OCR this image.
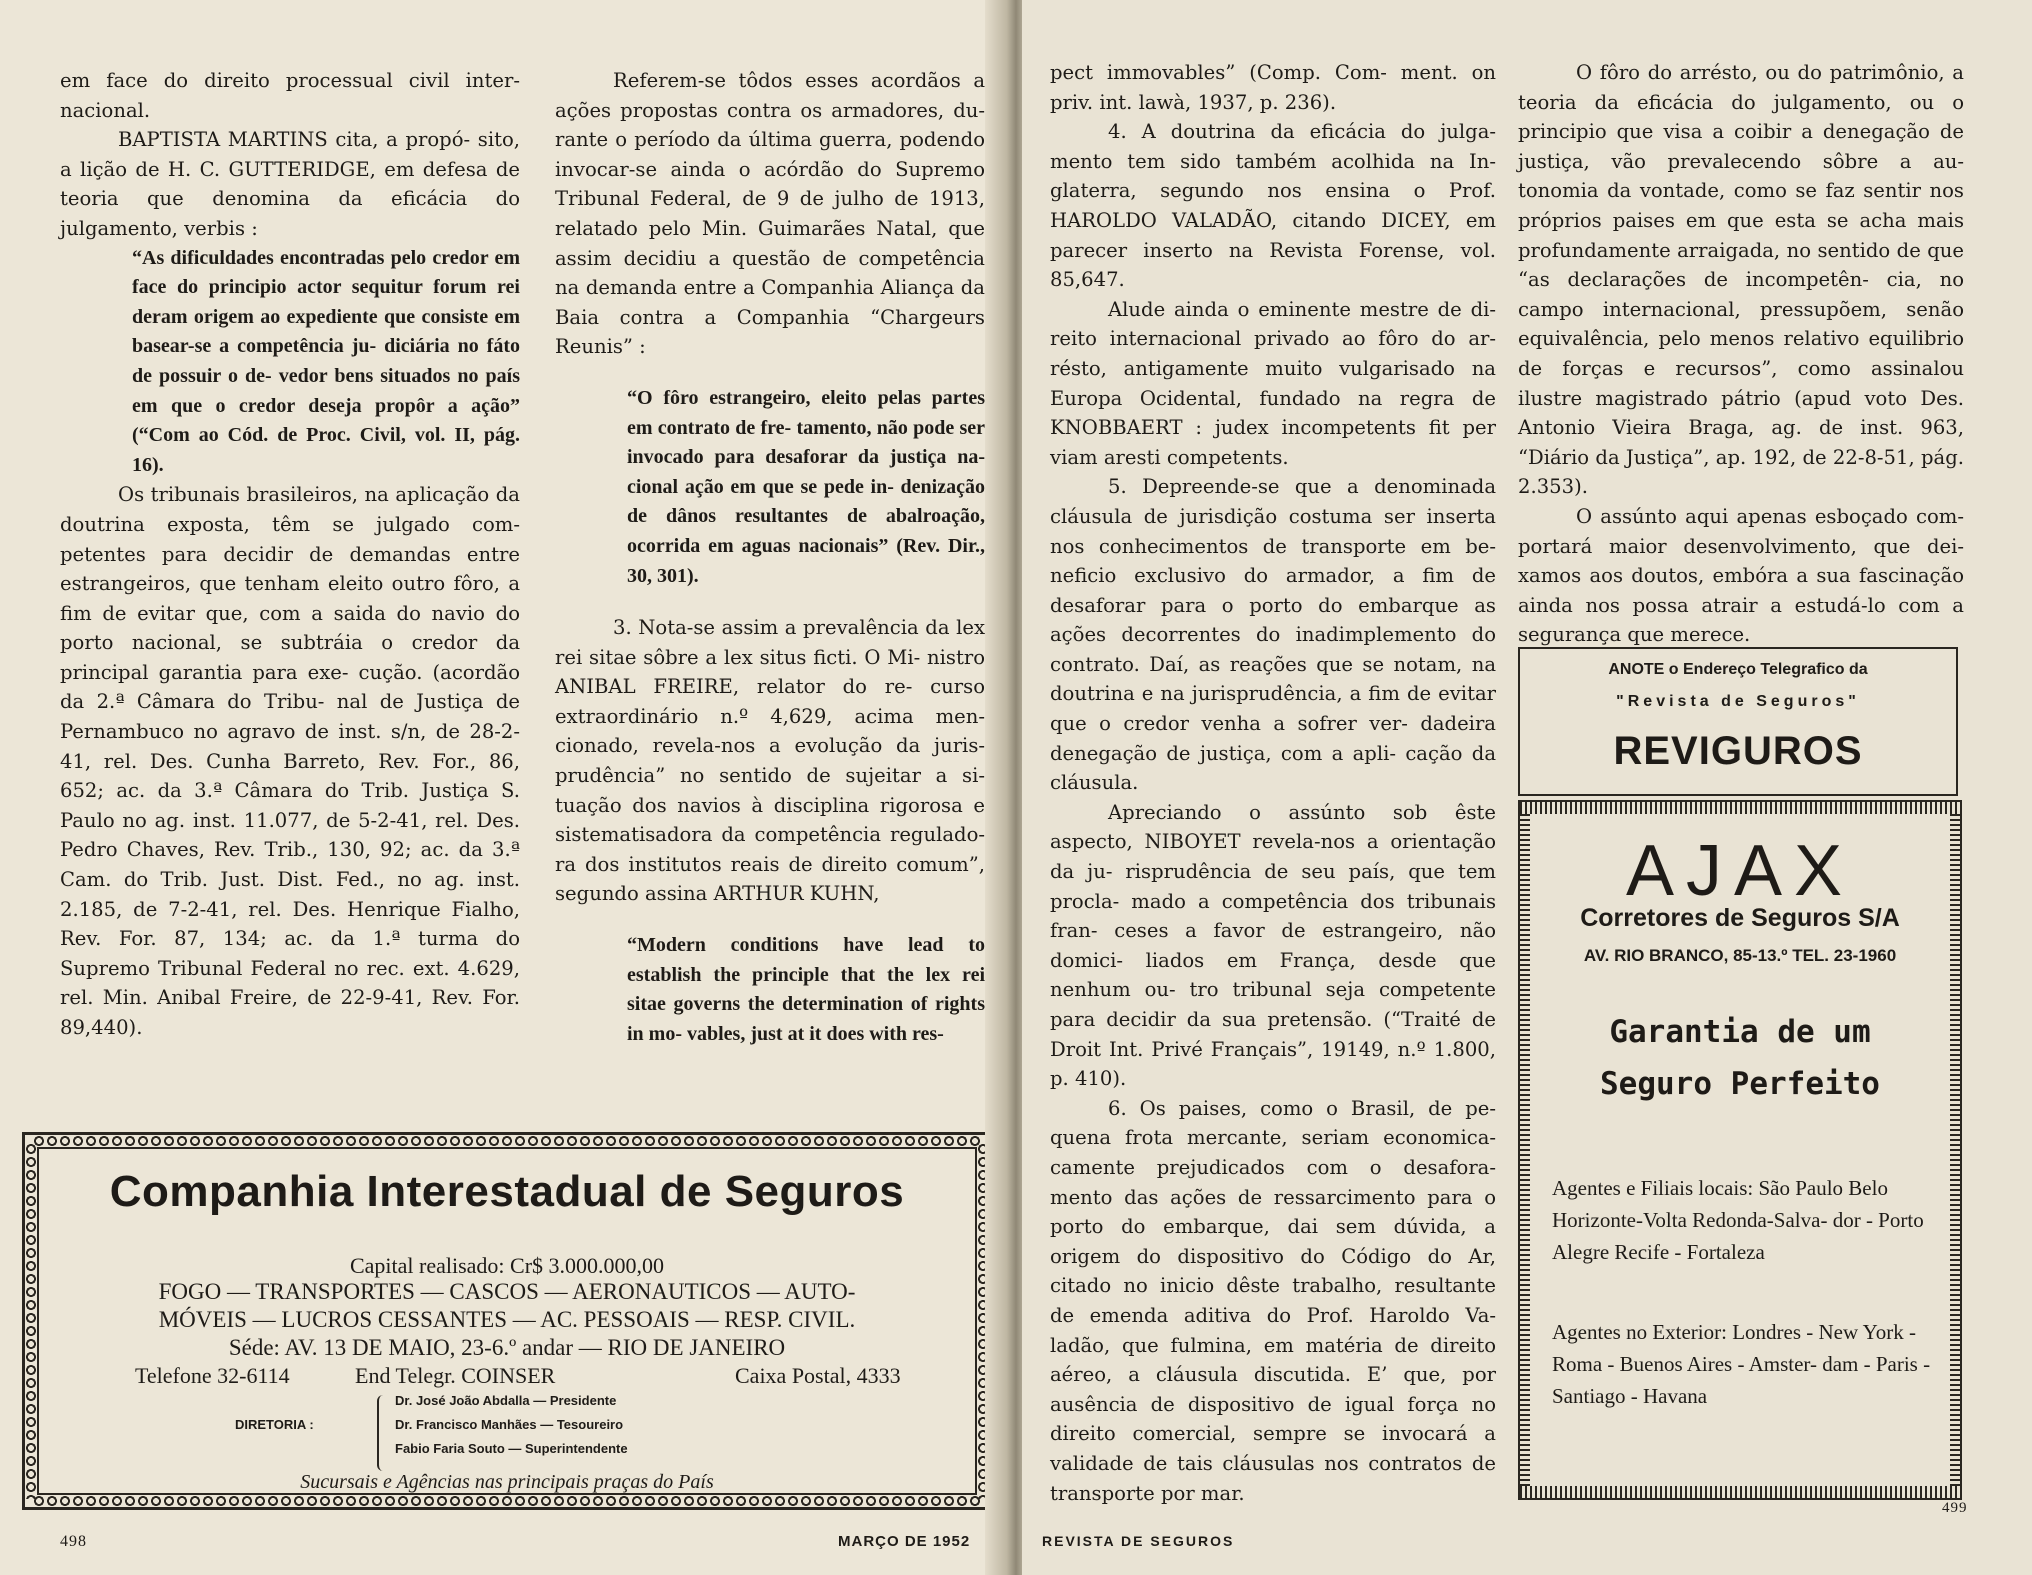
em face do direito processual civil inter- nacional.

BAPTISTA MARTINS cita, a propó- sito, a lição de H. C. GUTTERIDGE, em defesa de teoria que denomina da eficácia do julgamento, verbis :

“As dificuldades encontradas pelo credor em face do principio actor sequitur forum rei deram origem ao expediente que consiste em basear-se a competência ju- diciária no fáto de possuir o de- vedor bens situados no país em que o credor deseja propôr a ação” (“Com ao Cód. de Proc. Civil, vol. II, pág. 16).

Os tribunais brasileiros, na aplicação da doutrina exposta, têm se julgado com- petentes para decidir de demandas entre estrangeiros, que tenham eleito outro fôro, a fim de evitar que, com a saida do navio do porto nacional, se subtráia o credor da principal garantia para exe- cução. (acordão da 2.ª Câmara do Tribu- nal de Justiça de Pernambuco no agravo de inst. s/n, de 28-2-41, rel. Des. Cunha Barreto, Rev. For., 86, 652; ac. da 3.ª Câmara do Trib. Justiça S. Paulo no ag. inst. 11.077, de 5-2-41, rel. Des. Pedro Chaves, Rev. Trib., 130, 92; ac. da 3.ª Cam. do Trib. Just. Dist. Fed., no ag. inst. 2.185, de 7-2-41, rel. Des. Henrique Fialho, Rev. For. 87, 134; ac. da 1.ª turma do Supremo Tribunal Federal no rec. ext. 4.629, rel. Min. Anibal Freire, de 22-9-41, Rev. For. 89,440).

Referem-se tôdos esses acordãos a ações propostas contra os armadores, du- rante o período da última guerra, podendo invocar-se ainda o acórdão do Supremo Tribunal Federal, de 9 de julho de 1913, relatado pelo Min. Guimarães Natal, que assim decidiu a questão de competência na demanda entre a Companhia Aliança da Baia contra a Companhia “Chargeurs Reunis” :

“O fôro estrangeiro, eleito pelas partes em contrato de fre- tamento, não pode ser invocado para desaforar da justiça na- cional ação em que se pede in- denização de dânos resultantes de abalroação, ocorrida em aguas nacionais” (Rev. Dir., 30, 301).

3. Nota-se assim a prevalência da lex rei sitae sôbre a lex situs ficti. O Mi- nistro ANIBAL FREIRE, relator do re- curso extraordinário n.º 4,629, acima men- cionado, revela-nos a evolução da juris- prudência” no sentido de sujeitar a si- tuação dos navios à disciplina rigorosa e sistematisadora da competência regulado- ra dos institutos reais de direito comum”, segundo assina ARTHUR KUHN,

“Modern conditions have lead to establish the principle that the lex rei sitae governs the determination of rights in mo- vables, just at it does with res-

Companhia Interestadual de Seguros
Capital realisado: Cr$ 3.000.000,00
FOGO — TRANSPORTES — CASCOS — AERONAUTICOS — AUTO-
MÓVEIS — LUCROS CESSANTES — AC. PESSOAIS — RESP. CIVIL.
Séde: AV. 13 DE MAIO, 23-6.º andar — RIO DE JANEIRO
Telefone 32-6114	End Telegr. COINSER	Caixa Postal, 4333
DIRETORIA :
Dr. José João Abdalla — Presidente
Dr. Francisco Manhães — Tesoureiro
Fabio Faria Souto — Superintendente
Sucursais e Agências nas principais praças do País
498	MARÇO DE 1952

pect immovables” (Comp. Com- ment. on priv. int. lawà, 1937, p. 236).

4. A doutrina da eficácia do julga- mento tem sido também acolhida na In- glaterra, segundo nos ensina o Prof. HAROLDO VALADÃO, citando DICEY, em parecer inserto na Revista Forense, vol. 85,647.

Alude ainda o eminente mestre de di- reito internacional privado ao fôro do ar- résto, antigamente muito vulgarisado na Europa Ocidental, fundado na regra de KNOBBAERT : judex incompetents fit per viam aresti competents.

5. Depreende-se que a denominada cláusula de jurisdição costuma ser inserta nos conhecimentos de transporte em be- neficio exclusivo do armador, a fim de desaforar para o porto do embarque as ações decorrentes do inadimplemento do contrato. Daí, as reações que se notam, na doutrina e na jurisprudência, a fim de evitar que o credor venha a sofrer ver- dadeira denegação de justiça, com a apli- cação da cláusula.

Apreciando o assúnto sob êste aspecto, NIBOYET revela-nos a orientação da ju- risprudência de seu país, que tem procla- mado a competência dos tribunais fran- ceses a favor de estrangeiro, não domici- liados em França, desde que nenhum ou- tro tribunal seja competente para decidir da sua pretensão. (“Traité de Droit Int. Privé Français”, 19149, n.º 1.800, p. 410).

6. Os paises, como o Brasil, de pe- quena frota mercante, seriam economica- camente prejudicados com o desafora- mento das ações de ressarcimento para o porto do embarque, dai sem dúvida, a origem do dispositivo do Código do Ar, citado no inicio dêste trabalho, resultante de emenda aditiva do Prof. Haroldo Va- ladão, que fulmina, em matéria de direito aéreo, a cláusula discutida. E’ que, por ausência de dispositivo de igual força no direito comercial, sempre se invocará a validade de tais cláusulas nos contratos de transporte por mar.

O fôro do arrésto, ou do patrimônio, a teoria da eficácia do julgamento, ou o principio que visa a coibir a denegação de justiça, vão prevalecendo sôbre a au- tonomia da vontade, como se faz sentir nos próprios paises em que esta se acha mais profundamente arraigada, no sentido de que “as declarações de incompetên- cia, no campo internacional, pressupõem, senão equivalência, pelo menos relativo equilibrio de forças e recursos”, como assinalou ilustre magistrado pátrio (apud voto Des. Antonio Vieira Braga, ag. de inst. 963, “Diário da Justiça”, ap. 192, de 22-8-51, pág. 2.353).

O assúnto aqui apenas esboçado com- portará maior desenvolvimento, que dei- xamos aos doutos, embóra a sua fascinação ainda nos possa atrair a estudá-lo com a segurança que merece.

REVISTA DE SEGUROS
499
ANOTE o Endereço Telegrafico da
"Revista de Seguros"
REVIGUROS
AJAX
Corretores de Seguros S/A
AV. RIO BRANCO, 85-13.º TEL. 23-1960
Garantia de um
Seguro Perfeito
Agentes e Filiais locais: São Paulo Belo Horizonte-Volta Redonda-Salva- dor - Porto Alegre Recife - Fortaleza
Agentes no Exterior: Londres - New York - Roma - Buenos Aires - Amster- dam - Paris - Santiago - Havana
